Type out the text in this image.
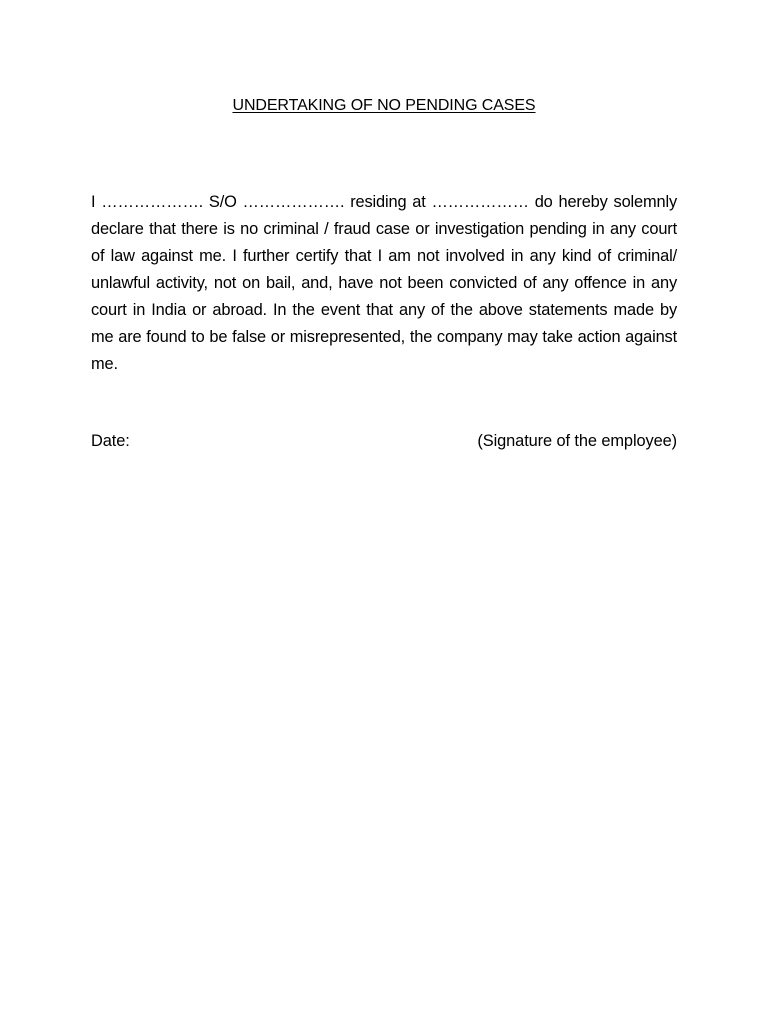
UNDERTAKING OF NO PENDING CASES

I ………………. S/O ………………. residing at ……………… do hereby solemnly declare that there is no criminal / fraud case or investigation pending in any court of law against me. I further certify that I am not involved in any kind of criminal/ unlawful activity, not on bail, and, have not been convicted of any offence in any court in India or abroad. In the event that any of the above statements made by me are found to be false or misrepresented, the company may take action against me.

Date:	(Signature of the employee)
